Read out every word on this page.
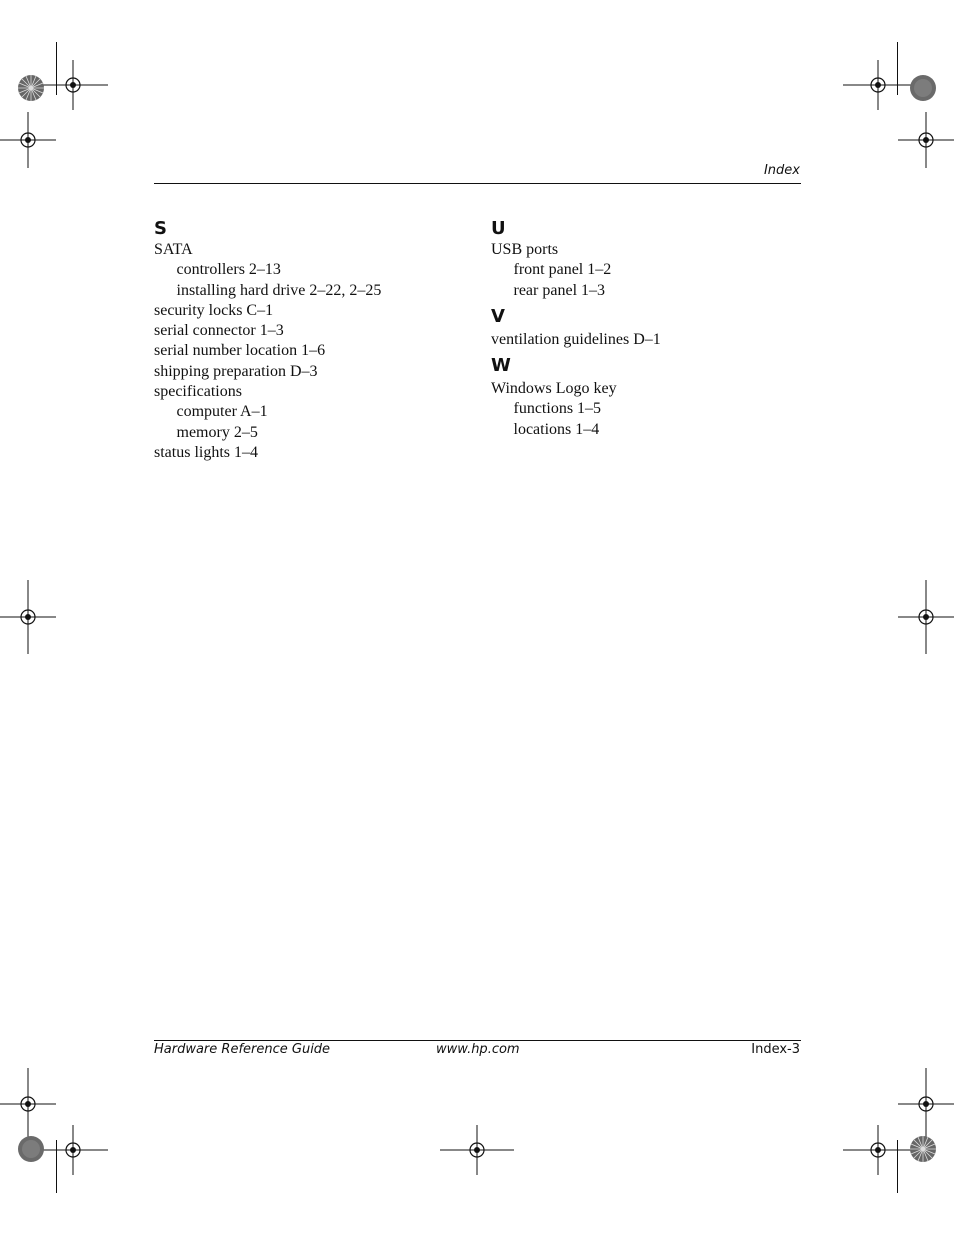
Index
S
SATA
controllers 2–13
installing hard drive 2–22, 2–25
security locks C–1
serial connector 1–3
serial number location 1–6
shipping preparation D–3
specifications
computer A–1
memory 2–5
status lights 1–4
U
USB ports
front panel 1–2
rear panel 1–3
V
ventilation guidelines D–1
W
Windows Logo key
functions 1–5
locations 1–4
Hardware Reference Guide	www.hp.com	Index-3
